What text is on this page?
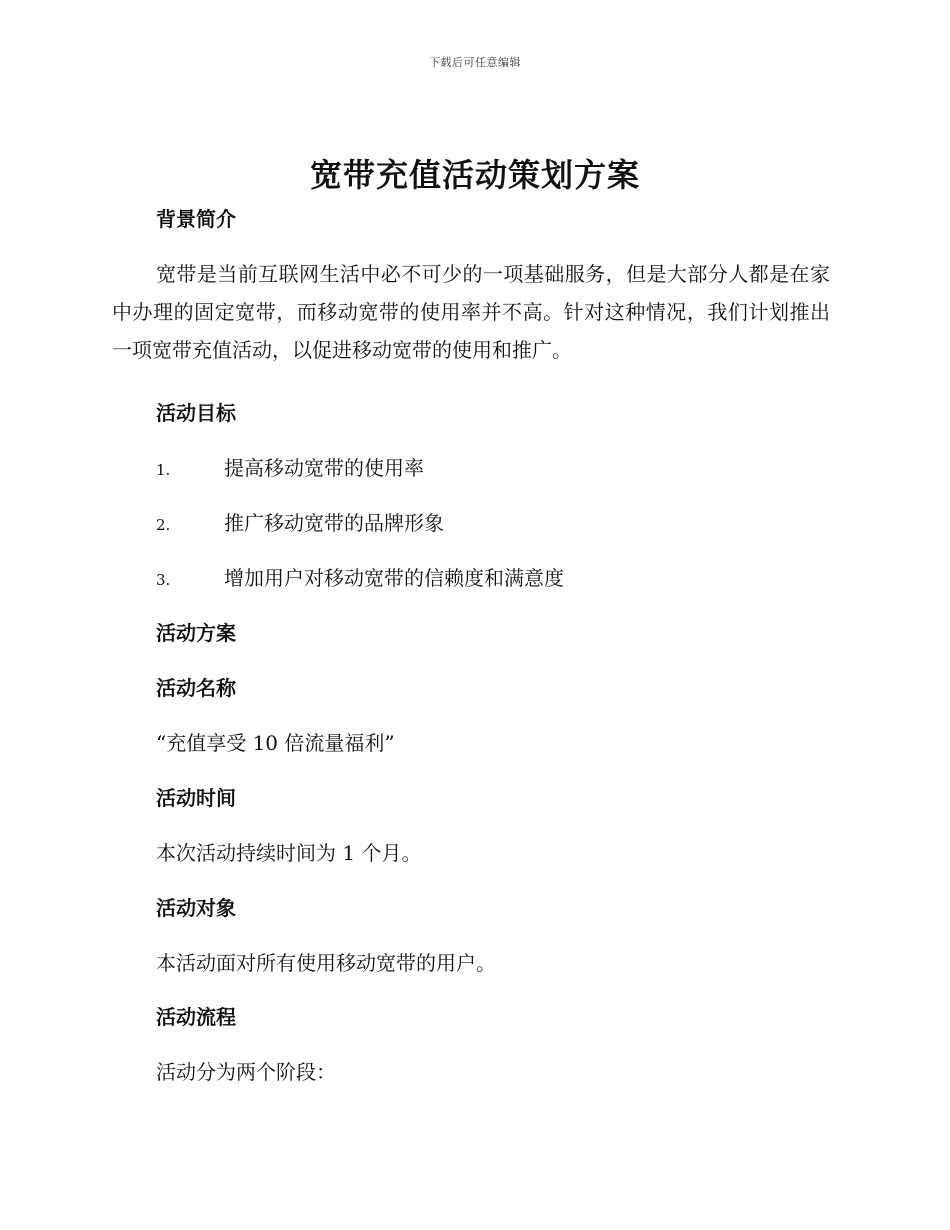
下载后可任意编辑
宽带充值活动策划方案
背景简介

宽带是当前互联网生活中必不可少的一项基础服务，但是大部分人都是在家中办理的固定宽带，而移动宽带的使用率并不高。针对这种情况，我们计划推出一项宽带充值活动，以促进移动宽带的使用和推广。

活动目标
1.	提高移动宽带的使用率
2.	推广移动宽带的品牌形象
3.	增加用户对移动宽带的信赖度和满意度
活动方案
活动名称

“充值享受 10 倍流量福利”

活动时间

本次活动持续时间为 1 个月。

活动对象

本活动面对所有使用移动宽带的用户。

活动流程

活动分为两个阶段：
